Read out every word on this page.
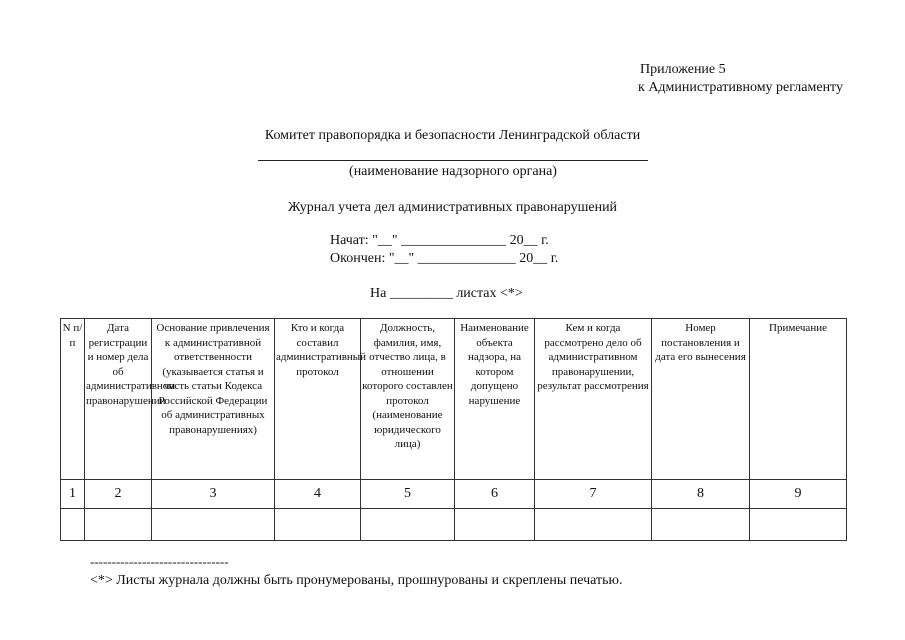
Приложение 5
к Административному регламенту
Комитет правопорядка и безопасности Ленинградской области
(наименование надзорного органа)
Журнал учета дел административных правонарушений
Начат: "__" _______________ 20__ г.
Окончен: "__" ______________ 20__ г.
На _________ листах <*>
N п/п	Дата регистрации и номер дела об административном правонарушении	Основание привлечения к административной ответственности (указывается статья и часть статьи Кодекса Российской Федерации об административных правонарушениях)	Кто и когда составил административный протокол	Должность, фамилия, имя, отчество лица, в отношении которого составлен протокол (наименование юридического лица)	Наименование объекта надзора, на котором допущено нарушение	Кем и когда рассмотрено дело об административном правонарушении, результат рассмотрения	Номер постановления и дата его вынесения	Примечание
1	2	3	4	5	6	7	8	9

--------------------------------
<*> Листы журнала должны быть пронумерованы, прошнурованы и скреплены печатью.
